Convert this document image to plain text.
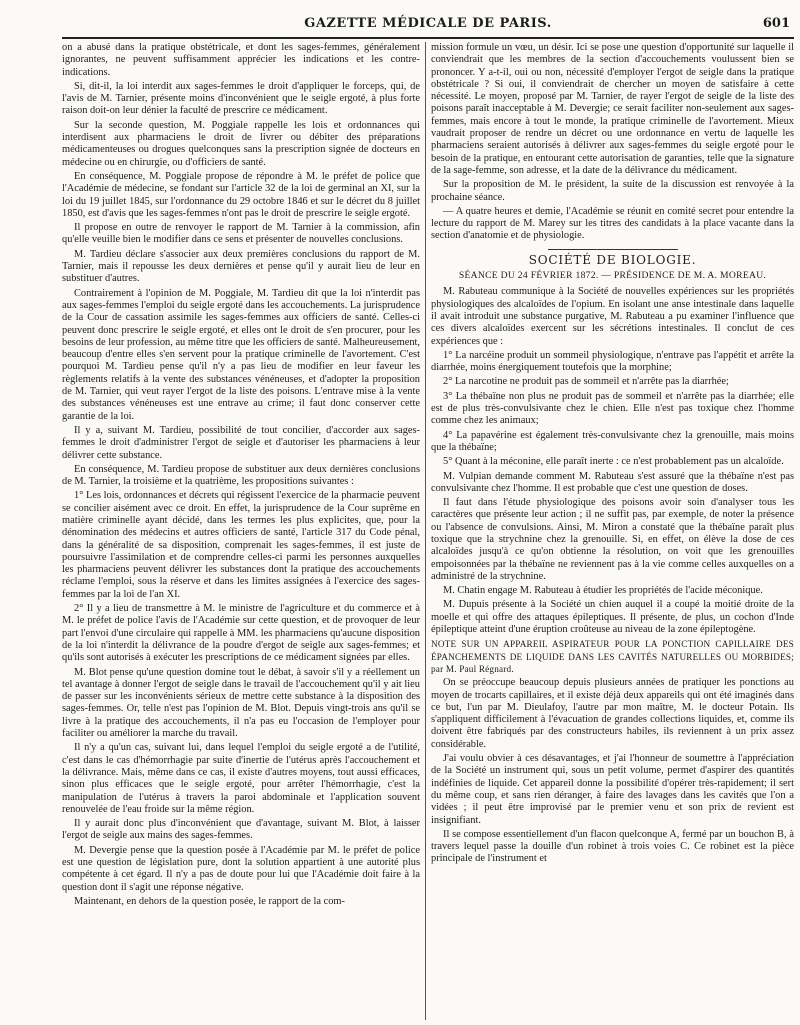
GAZETTE MÉDICALE DE PARIS.	601

on a abusé dans la pratique obstétricale, et dont les sages-femmes, généralement ignorantes, ne peuvent suffisamment apprécier les indications et les contre-indications.

Si, dit-il, la loi interdit aux sages-femmes le droit d'appliquer le forceps, qui, de l'avis de M. Tarnier, présente moins d'inconvénient que le seigle ergoté, à plus forte raison doit-on leur dénier la faculté de prescrire ce médicament.

Sur la seconde question, M. Poggiale rappelle les lois et ordonnances qui interdisent aux pharmaciens le droit de livrer ou débiter des préparations médicamenteuses ou drogues quelconques sans la prescription signée de docteurs en médecine ou en chirurgie, ou d'officiers de santé.

En conséquence, M. Poggiale propose de répondre à M. le préfet de police que l'Académie de médecine, se fondant sur l'article 32 de la loi de germinal an XI, sur la loi du 19 juillet 1845, sur l'ordonnance du 29 octobre 1846 et sur le décret du 8 juillet 1850, est d'avis que les sages-femmes n'ont pas le droit de prescrire le seigle ergoté.

Il propose en outre de renvoyer le rapport de M. Tarnier à la commission, afin qu'elle veuille bien le modifier dans ce sens et présenter de nouvelles conclusions.

M. Tardieu déclare s'associer aux deux premières conclusions du rapport de M. Tarnier, mais il repousse les deux dernières et pense qu'il y aurait lieu de leur en substituer d'autres.

Contrairement à l'opinion de M. Poggiale, M. Tardieu dit que la loi n'interdit pas aux sages-femmes l'emploi du seigle ergoté dans les accouchements. La jurisprudence de la Cour de cassation assimile les sages-femmes aux officiers de santé. Celles-ci peuvent donc prescrire le seigle ergoté, et elles ont le droit de s'en procurer, pour les besoins de leur profession, au même titre que les officiers de santé. Malheureusement, beaucoup d'entre elles s'en servent pour la pratique criminelle de l'avortement. C'est pourquoi M. Tardieu pense qu'il n'y a pas lieu de modifier en leur faveur les règlements relatifs à la vente des substances vénéneuses, et d'adopter la proposition de M. Tarnier, qui veut rayer l'ergot de la liste des poisons. L'entrave mise à la vente des substances vénéneuses est une entrave au crime; il faut donc conserver cette garantie de la loi.

Il y a, suivant M. Tardieu, possibilité de tout concilier, d'accorder aux sages-femmes le droit d'administrer l'ergot de seigle et d'autoriser les pharmaciens à leur délivrer cette substance.

En conséquence, M. Tardieu propose de substituer aux deux dernières conclusions de M. Tarnier, la troisième et la quatrième, les propositions suivantes :

1° Les lois, ordonnances et décrets qui régissent l'exercice de la pharmacie peuvent se concilier aisément avec ce droit. En effet, la jurisprudence de la Cour suprême en matière criminelle ayant décidé, dans les termes les plus explicites, que, pour la dénomination des médecins et autres officiers de santé, l'article 317 du Code pénal, dans la généralité de sa disposition, comprenait les sages-femmes, il est juste de poursuivre l'assimilation et de comprendre celles-ci parmi les personnes auxquelles les pharmaciens peuvent délivrer les substances dont la pratique des accouchements réclame l'emploi, sous la réserve et dans les limites assignées à l'exercice des sages-femmes par la loi de l'an XI.

2° Il y a lieu de transmettre à M. le ministre de l'agriculture et du commerce et à M. le préfet de police l'avis de l'Académie sur cette question, et de provoquer de leur part l'envoi d'une circulaire qui rappelle à MM. les pharmaciens qu'aucune disposition de la loi n'interdit la délivrance de la poudre d'ergot de seigle aux sages-femmes; et qu'ils sont autorisés à exécuter les prescriptions de ce médicament signées par elles.

M. Blot pense qu'une question domine tout le débat, à savoir s'il y a réellement un tel avantage à donner l'ergot de seigle dans le travail de l'accouchement qu'il y ait lieu de passer sur les inconvénients sérieux de mettre cette substance à la disposition des sages-femmes. Or, telle n'est pas l'opinion de M. Blot. Depuis vingt-trois ans qu'il se livre à la pratique des accouchements, il n'a pas eu l'occasion de l'employer pour faciliter ou améliorer la marche du travail.

Il n'y a qu'un cas, suivant lui, dans lequel l'emploi du seigle ergoté a de l'utilité, c'est dans le cas d'hémorrhagie par suite d'inertie de l'utérus après l'accouchement et la délivrance. Mais, même dans ce cas, il existe d'autres moyens, tout aussi efficaces, sinon plus efficaces que le seigle ergoté, pour arrêter l'hémorrhagie, c'est la manipulation de l'utérus à travers la paroi abdominale et l'application souvent renouvelée de l'eau froide sur la même région.

Il y aurait donc plus d'inconvénient que d'avantage, suivant M. Blot, à laisser l'ergot de seigle aux mains des sages-femmes.

M. Devergie pense que la question posée à l'Académie par M. le préfet de police est une question de législation pure, dont la solution appartient à une autorité plus compétente à cet égard. Il n'y a pas de doute pour lui que l'Académie doit faire à la question dont il s'agit une réponse négative.

Maintenant, en dehors de la question posée, le rapport de la com-

mission formule un vœu, un désir. Ici se pose une question d'opportunité sur laquelle il conviendrait que les membres de la section d'accouchements voulussent bien se prononcer. Y a-t-il, oui ou non, nécessité d'employer l'ergot de seigle dans la pratique obstétricale ? Si oui, il conviendrait de chercher un moyen de satisfaire à cette nécessité. Le moyen, proposé par M. Tarnier, de rayer l'ergot de seigle de la liste des poisons paraît inacceptable à M. Devergie; ce serait faciliter non-seulement aux sages-femmes, mais encore à tout le monde, la pratique criminelle de l'avortement. Mieux vaudrait proposer de rendre un décret ou une ordonnance en vertu de laquelle les pharmaciens seraient autorisés à délivrer aux sages-femmes du seigle ergoté pour le besoin de la pratique, en entourant cette autorisation de garanties, telle que la signature de la sage-femme, son adresse, et la date de la délivrance du médicament.

Sur la proposition de M. le président, la suite de la discussion est renvoyée à la prochaine séance.

— A quatre heures et demie, l'Académie se réunit en comité secret pour entendre la lecture du rapport de M. Marey sur les titres des candidats à la place vacante dans la section d'anatomie et de physiologie.

SOCIÉTÉ DE BIOLOGIE.
SÉANCE DU 24 FÉVRIER 1872. — PRÉSIDENCE DE M. A. MOREAU.

M. Rabuteau communique à la Société de nouvelles expériences sur les propriétés physiologiques des alcaloïdes de l'opium. En isolant une anse intestinale dans laquelle il avait introduit une substance purgative, M. Rabuteau a pu examiner l'influence que ces divers alcaloïdes exercent sur les sécrétions intestinales. Il conclut de ces expériences que :

1° La narcéine produit un sommeil physiologique, n'entrave pas l'appétit et arrête la diarrhée, moins énergiquement toutefois que la morphine;

2° La narcotine ne produit pas de sommeil et n'arrête pas la diarrhée;

3° La thébaïne non plus ne produit pas de sommeil et n'arrête pas la diarrhée; elle est de plus très-convulsivante chez le chien. Elle n'est pas toxique chez l'homme comme chez les animaux;

4° La papavérine est également très-convulsivante chez la grenouille, mais moins que la thébaïne;

5° Quant à la méconine, elle paraît inerte : ce n'est probablement pas un alcaloïde.

M. Vulpian demande comment M. Rabuteau s'est assuré que la thébaïne n'est pas convulsivante chez l'homme. Il est probable que c'est une question de doses.

Il faut dans l'étude physiologique des poisons avoir soin d'analyser tous les caractères que présente leur action ; il ne suffit pas, par exemple, de noter la présence ou l'absence de convulsions. Ainsi, M. Miron a constaté que la thébaïne paraît plus toxique que la strychnine chez la grenouille. Si, en effet, on élève la dose de ces alcaloïdes jusqu'à ce qu'on obtienne la résolution, on voit que les grenouilles empoisonnées par la thébaïne ne reviennent pas à la vie comme celles auxquelles on a administré de la strychnine.

M. Chatin engage M. Rabuteau à étudier les propriétés de l'acide méconique.

M. Dupuis présente à la Société un chien auquel il a coupé la moitié droite de la moelle et qui offre des attaques épileptiques. Il présente, de plus, un cochon d'Inde épileptique atteint d'une éruption croûteuse au niveau de la zone épileptogène.

NOTE SUR UN APPAREIL ASPIRATEUR POUR LA PONCTION CAPILLAIRE DES ÉPANCHEMENTS DE LIQUIDE DANS LES CAVITÉS NATURELLES OU MORBIDES; par M. Paul Régnard.

On se préoccupe beaucoup depuis plusieurs années de pratiquer les ponctions au moyen de trocarts capillaires, et il existe déjà deux appareils qui ont été imaginés dans ce but, l'un par M. Dieulafoy, l'autre par mon maître, M. le docteur Potain. Ils s'appliquent difficilement à l'évacuation de grandes collections liquides, et, comme ils doivent être fabriqués par des constructeurs habiles, ils reviennent à un prix assez considérable.

J'ai voulu obvier à ces désavantages, et j'ai l'honneur de soumettre à l'appréciation de la Société un instrument qui, sous un petit volume, permet d'aspirer des quantités indéfinies de liquide. Cet appareil donne la possibilité d'opérer très-rapidement; il sert du même coup, et sans rien déranger, à faire des lavages dans les cavités que l'on a vidées ; il peut être improvisé par le premier venu et son prix de revient est insignifiant.

Il se compose essentiellement d'un flacon quelconque A, fermé par un bouchon B, à travers lequel passe la douille d'un robinet à trois voies C. Ce robinet est la pièce principale de l'instrument et
